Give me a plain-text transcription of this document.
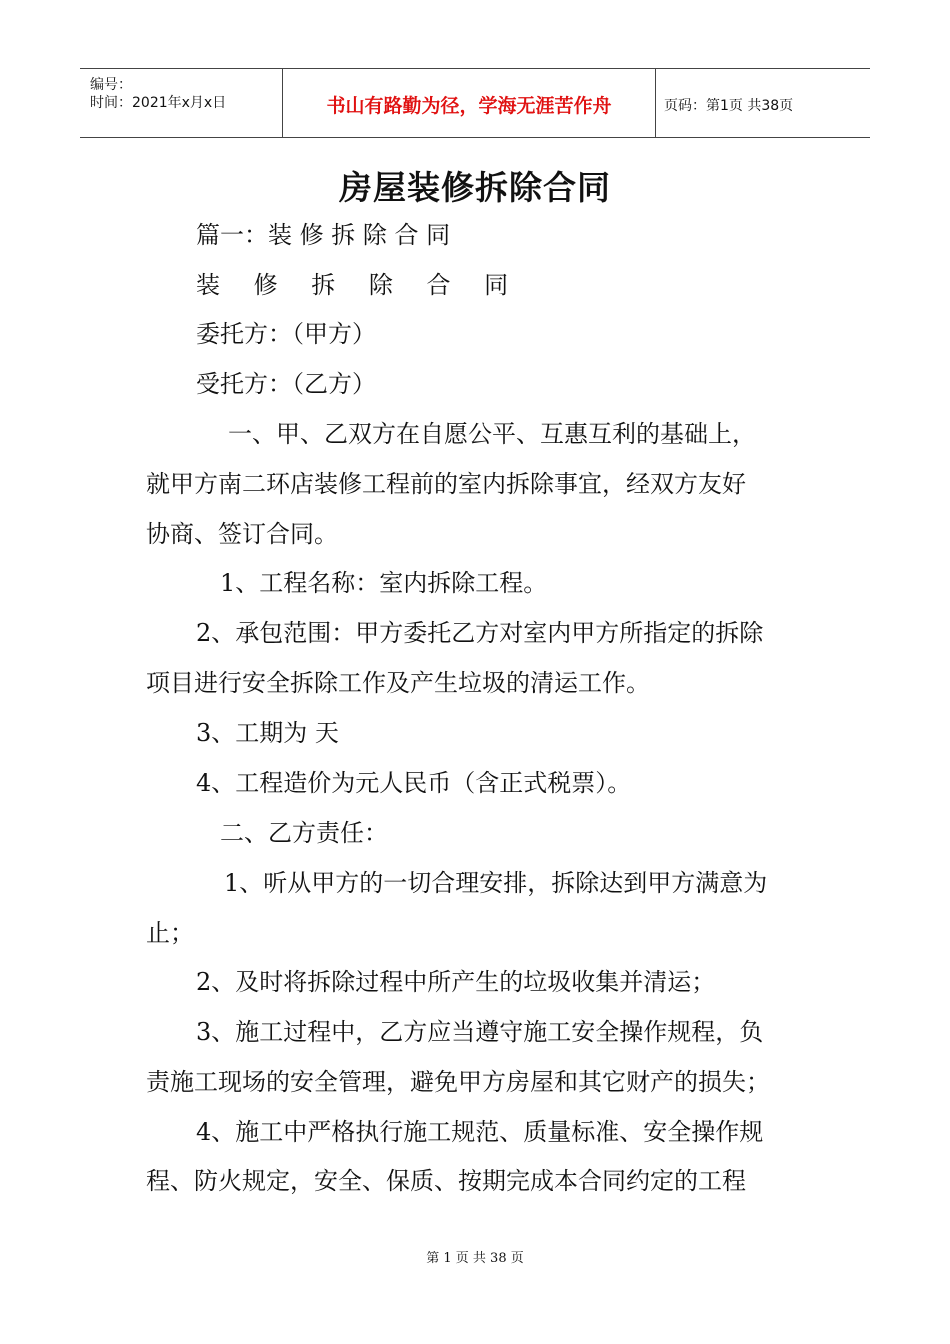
编号：
时间：2021年x月x日	书山有路勤为径，学海无涯苦作舟	页码：第1页 共38页
房屋装修拆除合同
篇一：装 修 拆 除 合 同
装 修 拆 除 合 同
委托方：（甲方）
受托方：（乙方）
一、甲、乙双方在自愿公平、互惠互利的基础上，
就甲方南二环店装修工程前的室内拆除事宜，经双方友好
协商、签订合同。
1、工程名称：室内拆除工程。
2、承包范围：甲方委托乙方对室内甲方所指定的拆除
项目进行安全拆除工作及产生垃圾的清运工作。
3、工期为 天
4、工程造价为元人民币（含正式税票）。
二、乙方责任：
1、听从甲方的一切合理安排，拆除达到甲方满意为
止；
2、及时将拆除过程中所产生的垃圾收集并清运；
3、施工过程中，乙方应当遵守施工安全操作规程，负
责施工现场的安全管理，避免甲方房屋和其它财产的损失；
4、施工中严格执行施工规范、质量标准、安全操作规
程、防火规定，安全、保质、按期完成本合同约定的工程
第 1 页 共 38 页
